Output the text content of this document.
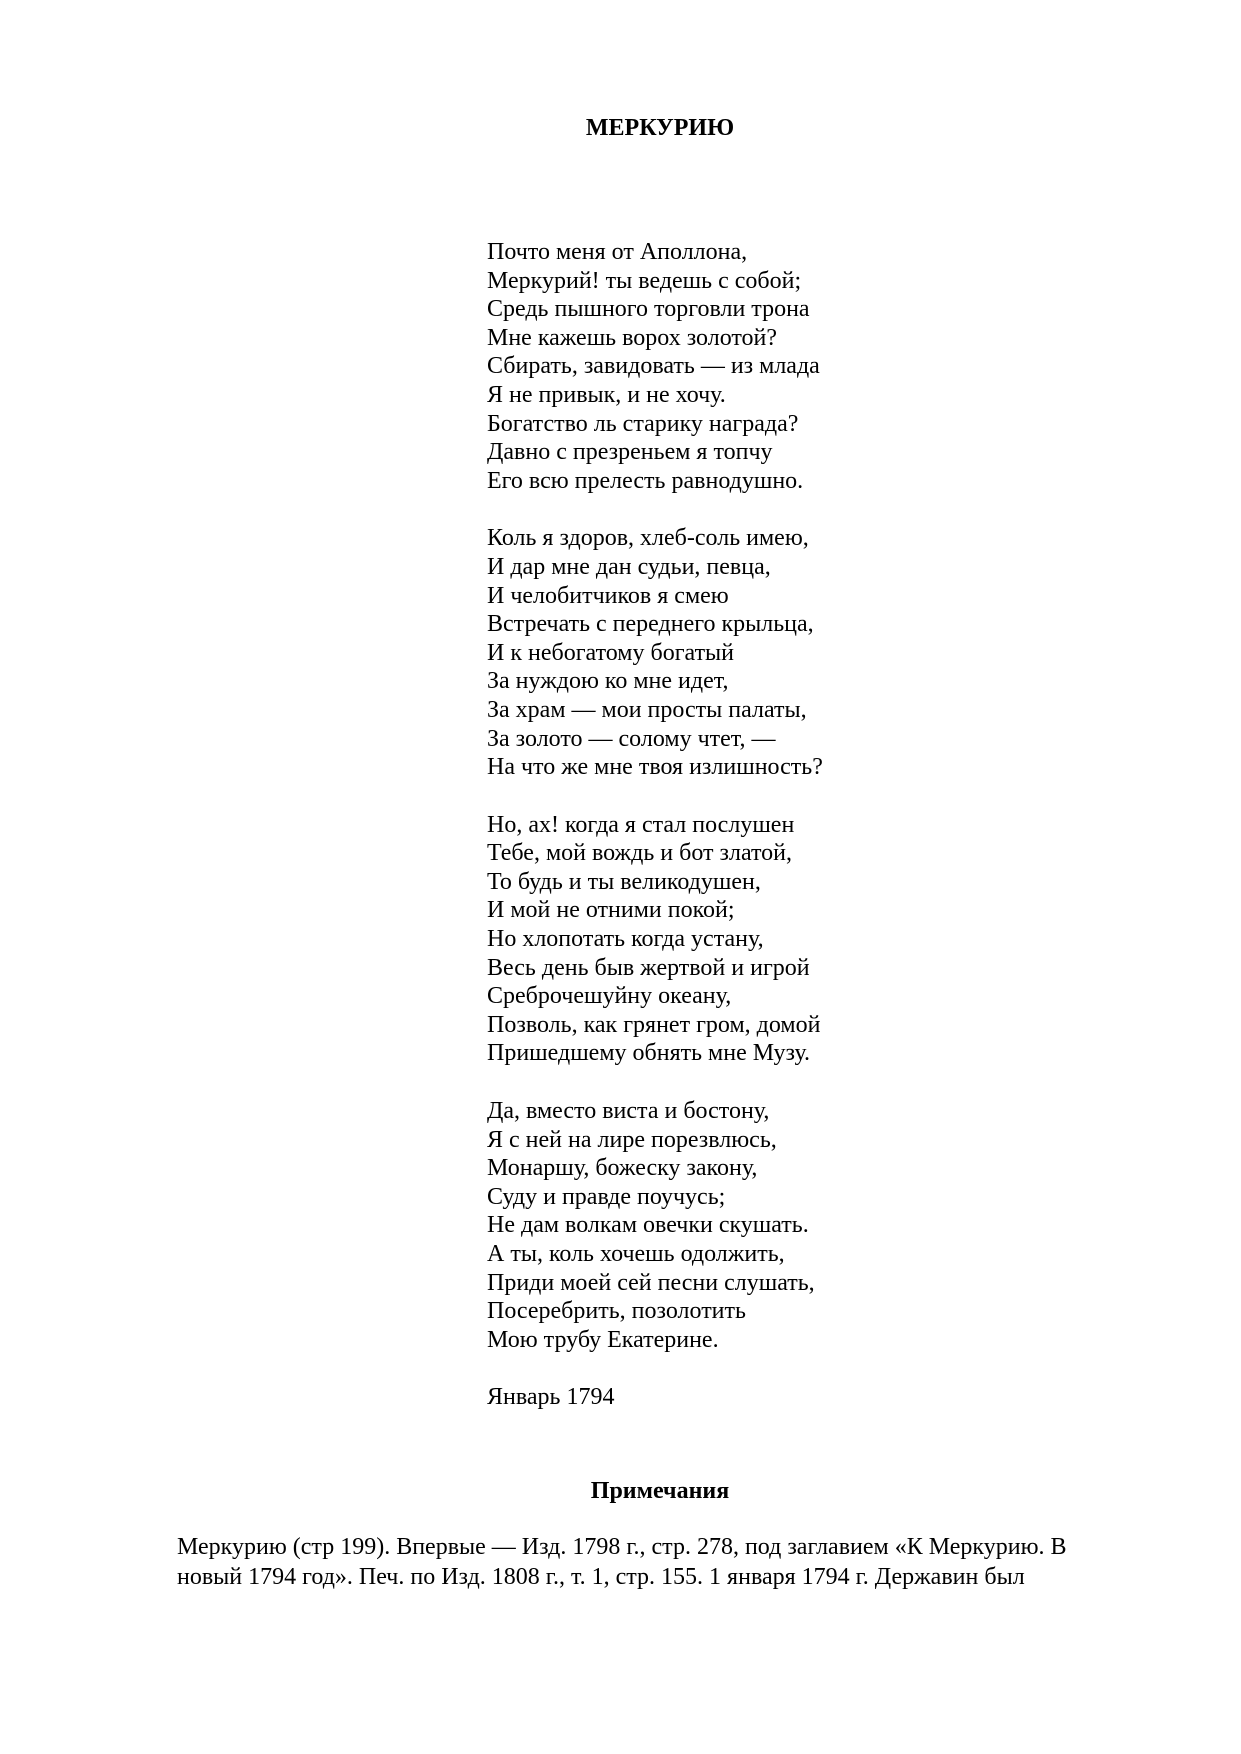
МЕРКУРИЮ
Почто меня от Аполлона,
Меркурий! ты ведешь с собой;
Средь пышного торговли трона
Мне кажешь ворох золотой?
Сбирать, завидовать — из млада
Я не привык, и не хочу.
Богатство ль старику награда?
Давно с презреньем я топчу
Его всю прелесть равнодушно.
Коль я здоров, хлеб-соль имею,
И дар мне дан судьи, певца,
И челобитчиков я смею
Встречать с переднего крыльца,
И к небогатому богатый
За нуждою ко мне идет,
За храм — мои просты палаты,
За золото — солому чтет, —
На что же мне твоя излишность?
Но, ах! когда я стал послушен
Тебе, мой вождь и бот златой,
То будь и ты великодушен,
И мой не отними покой;
Но хлопотать когда устану,
Весь день быв жертвой и игрой
Среброчешуйну океану,
Позволь, как грянет гром, домой
Пришедшему обнять мне Музу.
Да, вместо виста и бостону,
Я с ней на лире порезвлюсь,
Монаршу, божеску закону,
Суду и правде поучусь;
Не дам волкам овечки скушать.
А ты, коль хочешь одолжить,
Приди моей сей песни слушать,
Посеребрить, позолотить
Мою трубу Екатерине.
Январь 1794
Примечания
Меркурию (стр 199). Впервые — Изд. 1798 г., стр. 278, под заглавием «К Меркурию. В
новый 1794 год». Печ. по Изд. 1808 г., т. 1, стр. 155. 1 января 1794 г. Державин был
